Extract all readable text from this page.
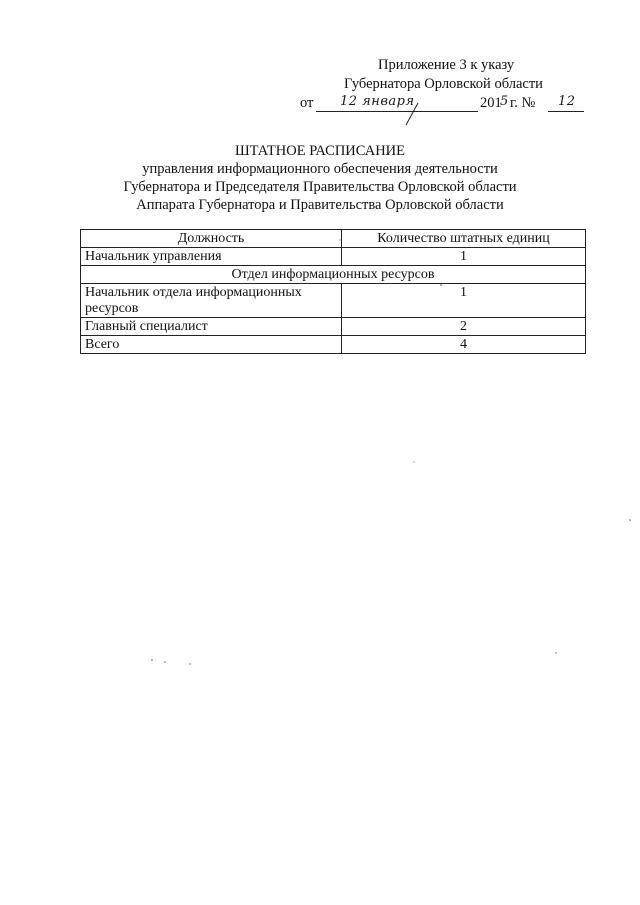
Приложение 3 к указу
Губернатора Орловской области
от 12 января	201
5 г. № 12
ШТАТНОЕ РАСПИСАНИЕ
управления информационного обеспечения деятельности
Губернатора и Председателя Правительства Орловской области
Аппарата Губернатора и Правительства Орловской области
Должность	Количество штатных единиц
Начальник управления	1
Отдел информационных ресурсов	
Начальник отдела информационных ресурсов	1
Главный специалист	2
Всего	4
